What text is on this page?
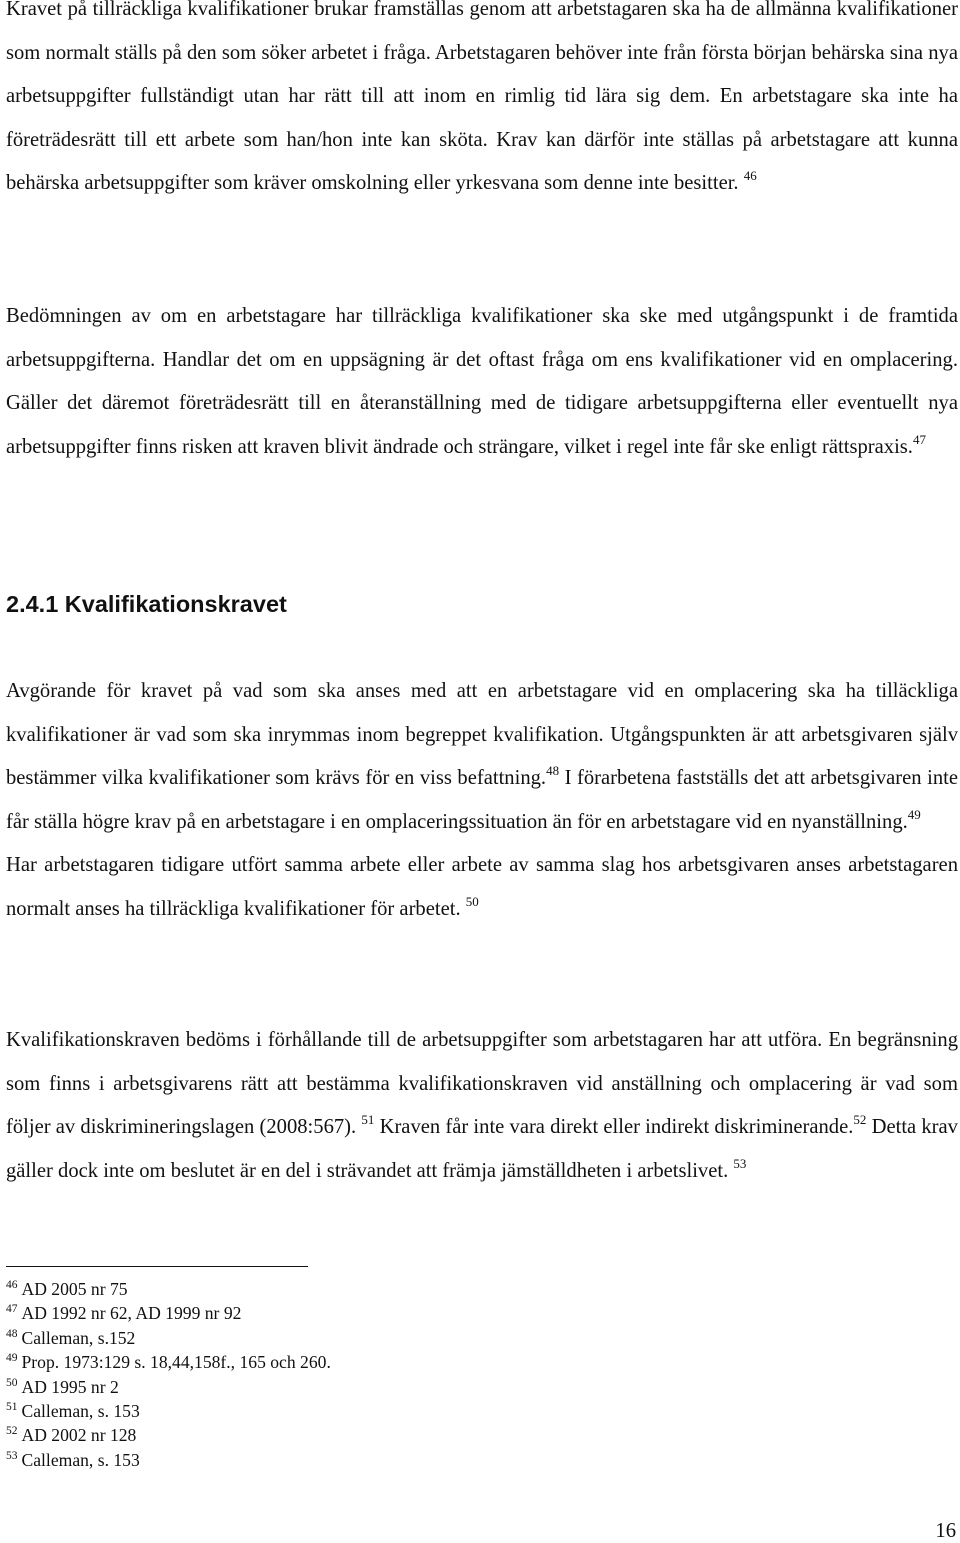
Kravet på tillräckliga kvalifikationer brukar framställas genom att arbetstagaren ska ha de allmänna kvalifikationer som normalt ställs på den som söker arbetet i fråga. Arbetstagaren behöver inte från första början behärska sina nya arbetsuppgifter fullständigt utan har rätt till att inom en rimlig tid lära sig dem. En arbetstagare ska inte ha företrädesrätt till ett arbete som han/hon inte kan sköta. Krav kan därför inte ställas på arbetstagare att kunna behärska arbetsuppgifter som kräver omskolning eller yrkesvana som denne inte besitter. $^{46}$

Bedömningen av om en arbetstagare har tillräckliga kvalifikationer ska ske med utgångspunkt i de framtida arbetsuppgifterna. Handlar det om en uppsägning är det oftast fråga om ens kvalifikationer vid en omplacering. Gäller det däremot företrädesrätt till en återanställning med de tidigare arbetsuppgifterna eller eventuellt nya arbetsuppgifter finns risken att kraven blivit ändrade och strängare, vilket i regel inte får ske enligt rättspraxis.$^{47}$

2.4.1 Kvalifikationskravet

Avgörande för kravet på vad som ska anses med att en arbetstagare vid en omplacering ska ha tilläckliga kvalifikationer är vad som ska inrymmas inom begreppet kvalifikation. Utgångspunkten är att arbetsgivaren själv bestämmer vilka kvalifikationer som krävs för en viss befattning.$^{48}$ I förarbetena fastställs det att arbetsgivaren inte får ställa högre krav på en arbetstagare i en omplaceringssituation än för en arbetstagare vid en nyanställning.$^{49}$
Har arbetstagaren tidigare utfört samma arbete eller arbete av samma slag hos arbetsgivaren anses arbetstagaren normalt anses ha tillräckliga kvalifikationer för arbetet. $^{50}$

Kvalifikationskraven bedöms i förhållande till de arbetsuppgifter som arbetstagaren har att utföra. En begränsning som finns i arbetsgivarens rätt att bestämma kvalifikationskraven vid anställning och omplacering är vad som följer av diskrimineringslagen (2008:567). $^{51}$ Kraven får inte vara direkt eller indirekt diskriminerande.$^{52}$ Detta krav gäller dock inte om beslutet är en del i strävandet att främja jämställdheten i arbetslivet. $^{53}$

$^{46}$ AD 2005 nr 75
$^{47}$ AD 1992 nr 62, AD 1999 nr 92
$^{48}$ Calleman, s.152
$^{49}$ Prop. 1973:129 s. 18,44,158f., 165 och 260.
$^{50}$ AD 1995 nr 2
$^{51}$ Calleman, s. 153
$^{52}$ AD 2002 nr 128
$^{53}$ Calleman, s. 153
16
